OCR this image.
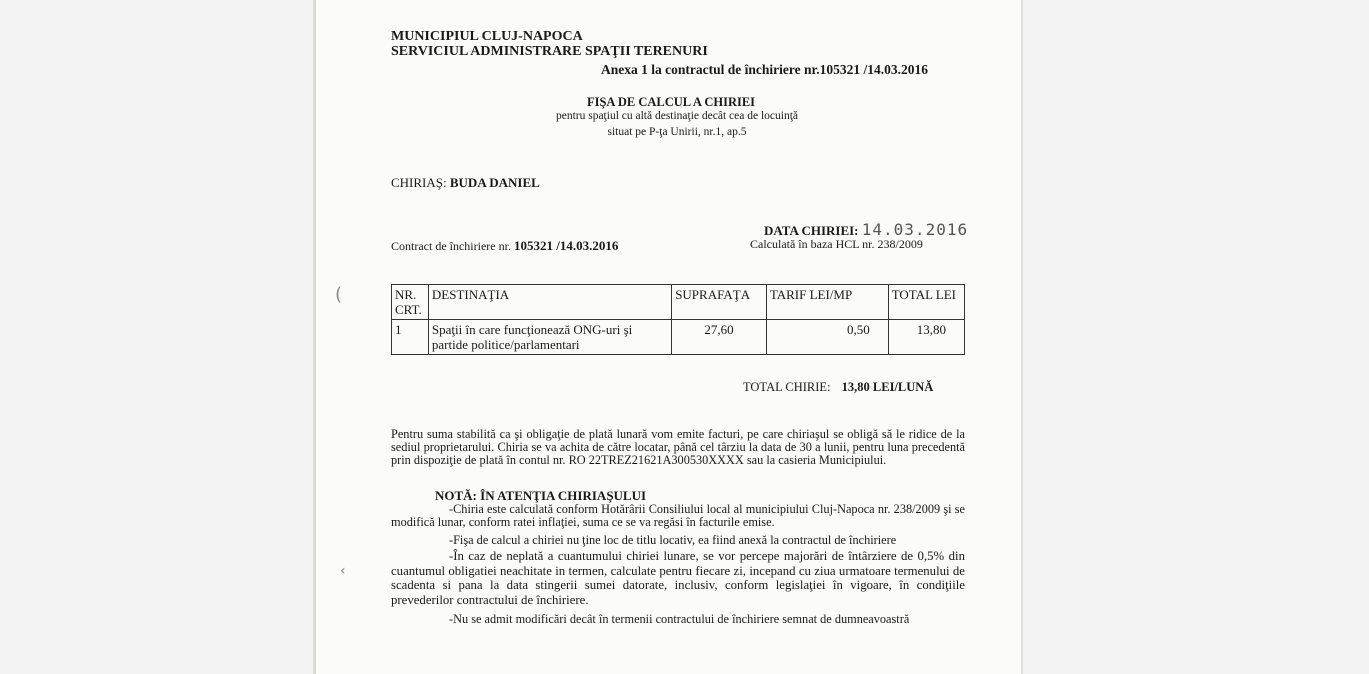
MUNICIPIUL CLUJ-NAPOCA
SERVICIUL ADMINISTRARE SPAŢII TERENURI
Anexa 1 la contractul de închiriere nr.105321 /14.03.2016
FIŞA DE CALCUL A CHIRIEI
pentru spaţiul cu altă destinaţie decât cea de locuinţă
situat pe P-ţa Unirii, nr.1, ap.5
CHIRIAŞ: BUDA DANIEL
DATA CHIRIEI: 14.03.2016
Contract de închiriere nr. 105321 /14.03.2016	Calculată în baza HCL nr. 238/2009
NR. CRT.	DESTINAŢIA	SUPRAFAŢA	TARIF LEI/MP	TOTAL LEI
1	Spaţii în care funcţionează ONG-uri şi partide politice/parlamentari	27,60	0,50	13,80
TOTAL CHIRIE: 13,80 LEI/LUNĂ
Pentru suma stabilită ca şi obligaţie de plată lunară vom emite facturi, pe care chiriaşul se obligă să le ridice de la sediul proprietarului. Chiria se va achita de către locatar, până cel târziu la data de 30 a lunii, pentru luna precedentă prin dispoziţie de plată în contul nr. RO 22TREZ21621A300530XXXX sau la casieria Municipiului.
NOTĂ: ÎN ATENŢIA CHIRIAŞULUI
-Chiria este calculată conform Hotărârii Consiliului local al municipiului Cluj-Napoca nr. 238/2009 şi se modifică lunar, conform ratei inflaţiei, suma ce se va regăsi în facturile emise.
-Fişa de calcul a chiriei nu ţine loc de titlu locativ, ea fiind anexă la contractul de închiriere
-În caz de neplată a cuantumului chiriei lunare, se vor percepe majorări de întârziere de 0,5% din cuantumul obligatiei neachitate in termen, calculate pentru fiecare zi, incepand cu ziua urmatoare termenului de scadenta si pana la data stingerii sumei datorate, inclusiv, conform legislaţiei în vigoare, în condiţiile prevederilor contractului de închiriere.
-Nu se admit modificări decât în termenii contractului de închiriere semnat de dumneavoastră
(
‹
